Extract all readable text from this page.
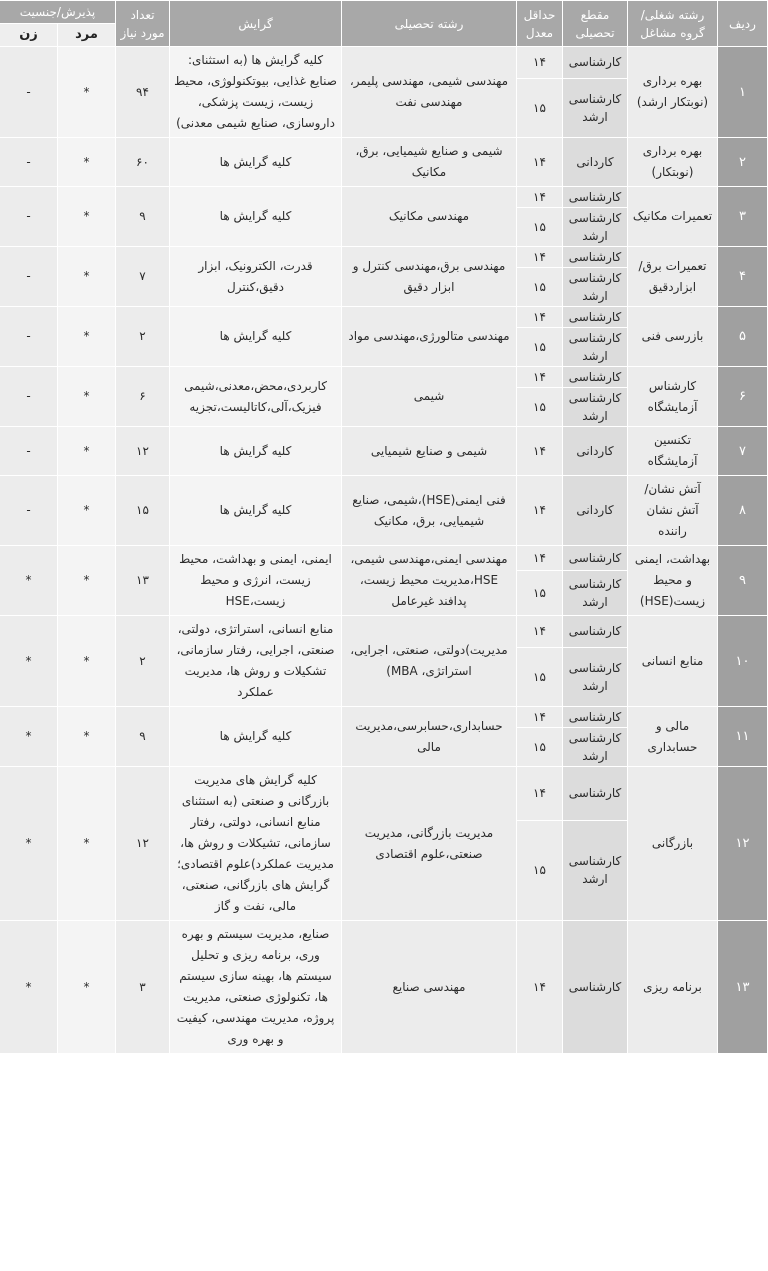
ردیف	رشته شغلی/گروه مشاغل	مقطع تحصیلی	حداقل معدل	رشته تحصیلی	گرایش	تعداد مورد نیاز	پذیرش/جنسیت	
							مرد	زن
۱	بهره برداری (نوبتکار ارشد)	کارشناسی	۱۴	مهندسی شیمی، مهندسی پلیمر، مهندسی نفت	کلیه گرایش ها (به استثنای: صنایع غذایی، بیوتکنولوژی، محیط زیست، زیست پزشکی، داروسازی، صنایع شیمی معدنی)	۹۴	*	-
		کارشناسی ارشد	۱۵					
۲	بهره برداری (نوبتکار)	کاردانی	۱۴	شیمی و صنایع شیمیایی، برق، مکانیک	کلیه گرایش ها	۶۰	*	-
۳	تعمیرات مکانیک	کارشناسی	۱۴	مهندسی مکانیک	کلیه گرایش ها	۹	*	-
		کارشناسی ارشد	۱۵					
۴	تعمیرات برق/ ابزاردقیق	کارشناسی	۱۴	مهندسی برق،مهندسی کنترل و ابزار دقیق	قدرت، الکترونیک، ابزار دقیق،کنترل	۷	*	-
		کارشناسی ارشد	۱۵					
۵	بازرسی فنی	کارشناسی	۱۴	مهندسی متالورژی،مهندسی مواد	کلیه گرایش ها	۲	*	-
		کارشناسی ارشد	۱۵					
۶	کارشناس آزمایشگاه	کارشناسی	۱۴	شیمی	کاربردی،محض،معدنی،شیمی فیزیک،آلی،کاتالیست،تجزیه	۶	*	-
		کارشناسی ارشد	۱۵					
۷	تکنسین آزمایشگاه	کاردانی	۱۴	شیمی و صنایع شیمیایی	کلیه گرایش ها	۱۲	*	-
۸	آتش نشان/ آتش نشان راننده	کاردانی	۱۴	فنی ایمنی(HSE)،شیمی، صنایع شیمیایی، برق، مکانیک	کلیه گرایش ها	۱۵	*	-
۹	بهداشت، ایمنی و محیط زیست(HSE)	کارشناسی	۱۴	مهندسی ایمنی،مهندسی شیمی، HSE،مدیریت محیط زیست، پدافند غیرعامل	ایمنی، ایمنی و بهداشت، محیط زیست، انرژی و محیط زیست،HSE	۱۳	*	*
		کارشناسی ارشد	۱۵					
۱۰	منابع انسانی	کارشناسی	۱۴	مدیریت)دولتی، صنعتی، اجرایی، استراتژی، MBA)	منابع انسانی، استراتژی، دولتی، صنعتی، اجرایی، رفتار سازمانی، تشکیلات و روش ها، مدیریت عملکرد	۲	*	*
		کارشناسی ارشد	۱۵					
۱۱	مالی و حسابداری	کارشناسی	۱۴	حسابداری،حسابرسی،مدیریت مالی	کلیه گرایش ها	۹	*	*
		کارشناسی ارشد	۱۵					
۱۲	بازرگانی	کارشناسی	۱۴	مدیریت بازرگانی، مدیریت صنعتی،علوم اقتصادی	کلیه گرایش های مدیریت بازرگانی و صنعتی (به استثنای منابع انسانی، دولتی، رفتار سازمانی، تشیکلات و روش ها، مدیریت عملکرد)علوم اقتصادی؛گرایش های بازرگانی، صنعتی، مالی، نفت و گاز	۱۲	*	*
		کارشناسی ارشد	۱۵					
۱۳	برنامه ریزی	کارشناسی	۱۴	مهندسی صنایع	صنایع، مدیریت سیستم و بهره وری، برنامه ریزی و تحلیل سیستم ها، بهینه سازی سیستم ها، تکنولوژی صنعتی، مدیریت پروژه، مدیریت مهندسی، کیفیت و بهره وری	۳	*	*
